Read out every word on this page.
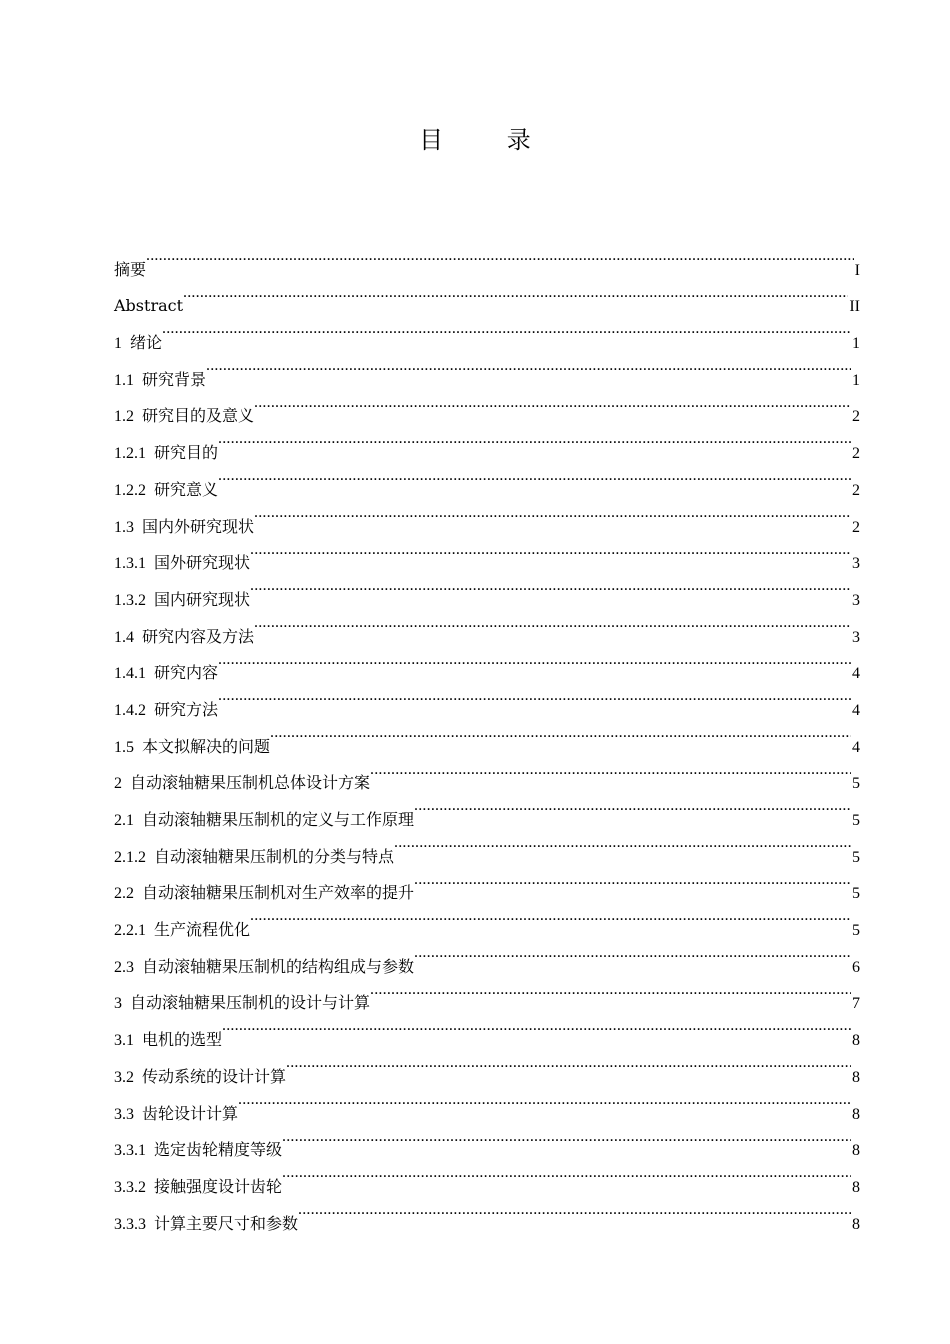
目 录
摘要 .....	I
Abstract .....	II
1 绪论 .....	1
1.1 研究背景 .....	1
1.2 研究目的及意义 .....	2
1.2.1 研究目的 .....	2
1.2.2 研究意义 .....	2
1.3 国内外研究现状 .....	2
1.3.1 国外研究现状 .....	3
1.3.2 国内研究现状 .....	3
1.4 研究内容及方法 .....	3
1.4.1 研究内容 .....	4
1.4.2 研究方法 .....	4
1.5 本文拟解决的问题 .....	4
2 自动滚轴糖果压制机总体设计方案 .....	5
2.1 自动滚轴糖果压制机的定义与工作原理 .....	5
2.1.2 自动滚轴糖果压制机的分类与特点 .....	5
2.2 自动滚轴糖果压制机对生产效率的提升 .....	5
2.2.1 生产流程优化 .....	5
2.3 自动滚轴糖果压制机的结构组成与参数 .....	6
3 自动滚轴糖果压制机的设计与计算 .....	7
3.1 电机的选型 .....	8
3.2 传动系统的设计计算 .....	8
3.3 齿轮设计计算 .....	8
3.3.1 选定齿轮精度等级 .....	8
3.3.2 接触强度设计齿轮 .....	8
3.3.3 计算主要尺寸和参数 .....	8
